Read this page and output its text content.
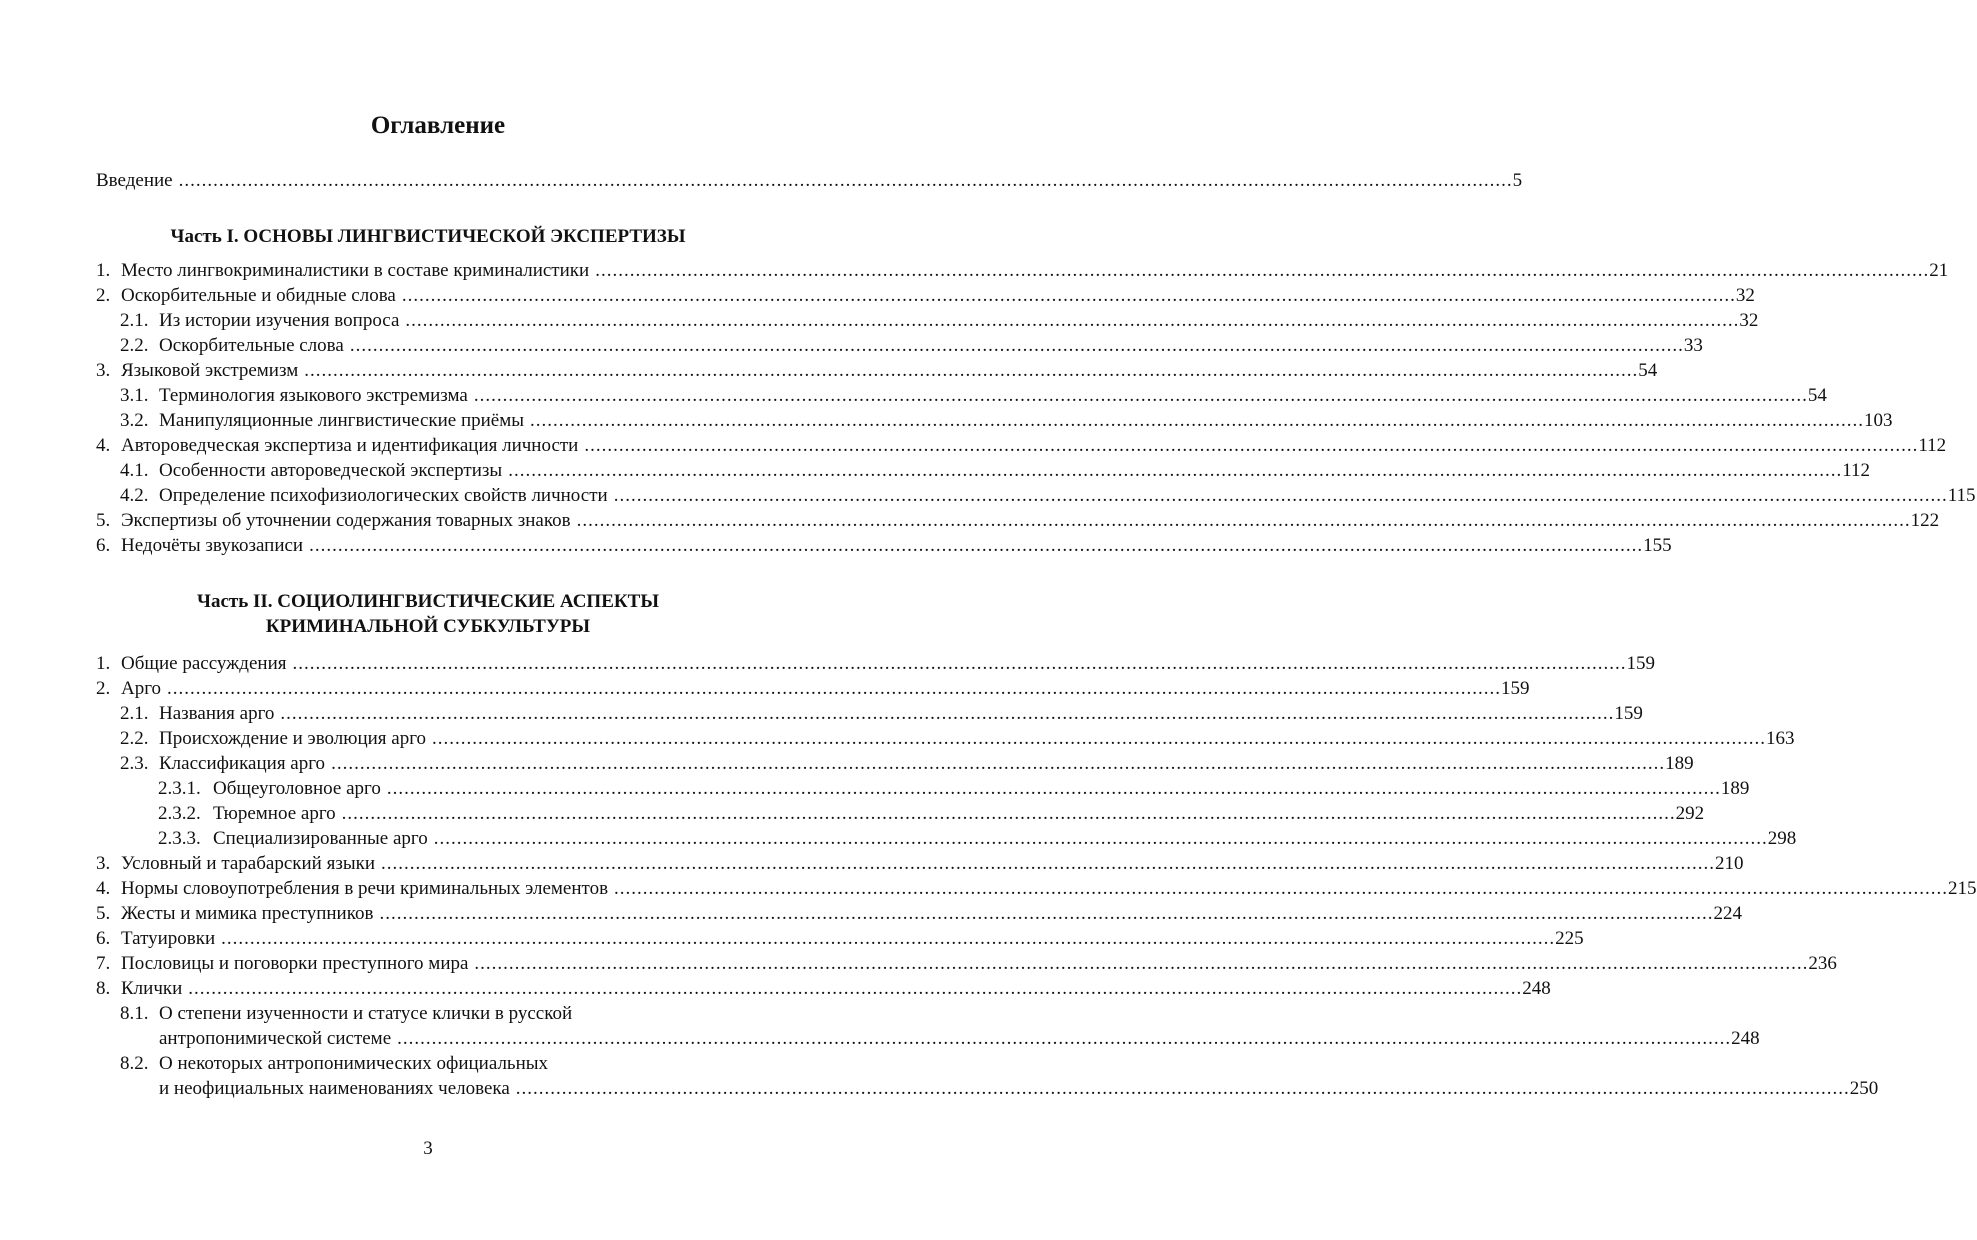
Оглавление
Введение .....	5
Часть I. ОСНОВЫ ЛИНГВИСТИЧЕСКОЙ ЭКСПЕРТИЗЫ
1. Место лингвокриминалистики в составе криминалистики .....	21
2. Оскорбительные и обидные слова .....	32
2.1. Из истории изучения вопроса .....	32
2.2. Оскорбительные слова .....	33
3. Языковой экстремизм .....	54
3.1. Терминология языкового экстремизма .....	54
3.2. Манипуляционные лингвистические приёмы .....	103
4. Автороведческая экспертиза и идентификация личности .....	112
4.1. Особенности автороведческой экспертизы .....	112
4.2. Определение психофизиологических свойств личности .....	115
5. Экспертизы об уточнении содержания товарных знаков .....	122
6. Недочёты звукозаписи .....	155
Часть II. СОЦИОЛИНГВИСТИЧЕСКИЕ АСПЕКТЫ
КРИМИНАЛЬНОЙ СУБКУЛЬТУРЫ
1. Общие рассуждения .....	159
2. Арго .....	159
2.1. Названия арго .....	159
2.2. Происхождение и эволюция арго .....	163
2.3. Классификация арго .....	189
2.3.1. Общеуголовное арго .....	189
2.3.2. Тюремное арго .....	292
2.3.3. Специализированные арго .....	298
3. Условный и тарабарский языки .....	210
4. Нормы словоупотребления в речи криминальных элементов .....	215
5. Жесты и мимика преступников .....	224
6. Татуировки .....	225
7. Пословицы и поговорки преступного мира .....	236
8. Клички .....	248
8.1. О степени изученности и статусе клички в русской
антропонимической системе .....	248
8.2. О некоторых антропонимических официальных
и неофициальных наименованиях человека .....	250
3
